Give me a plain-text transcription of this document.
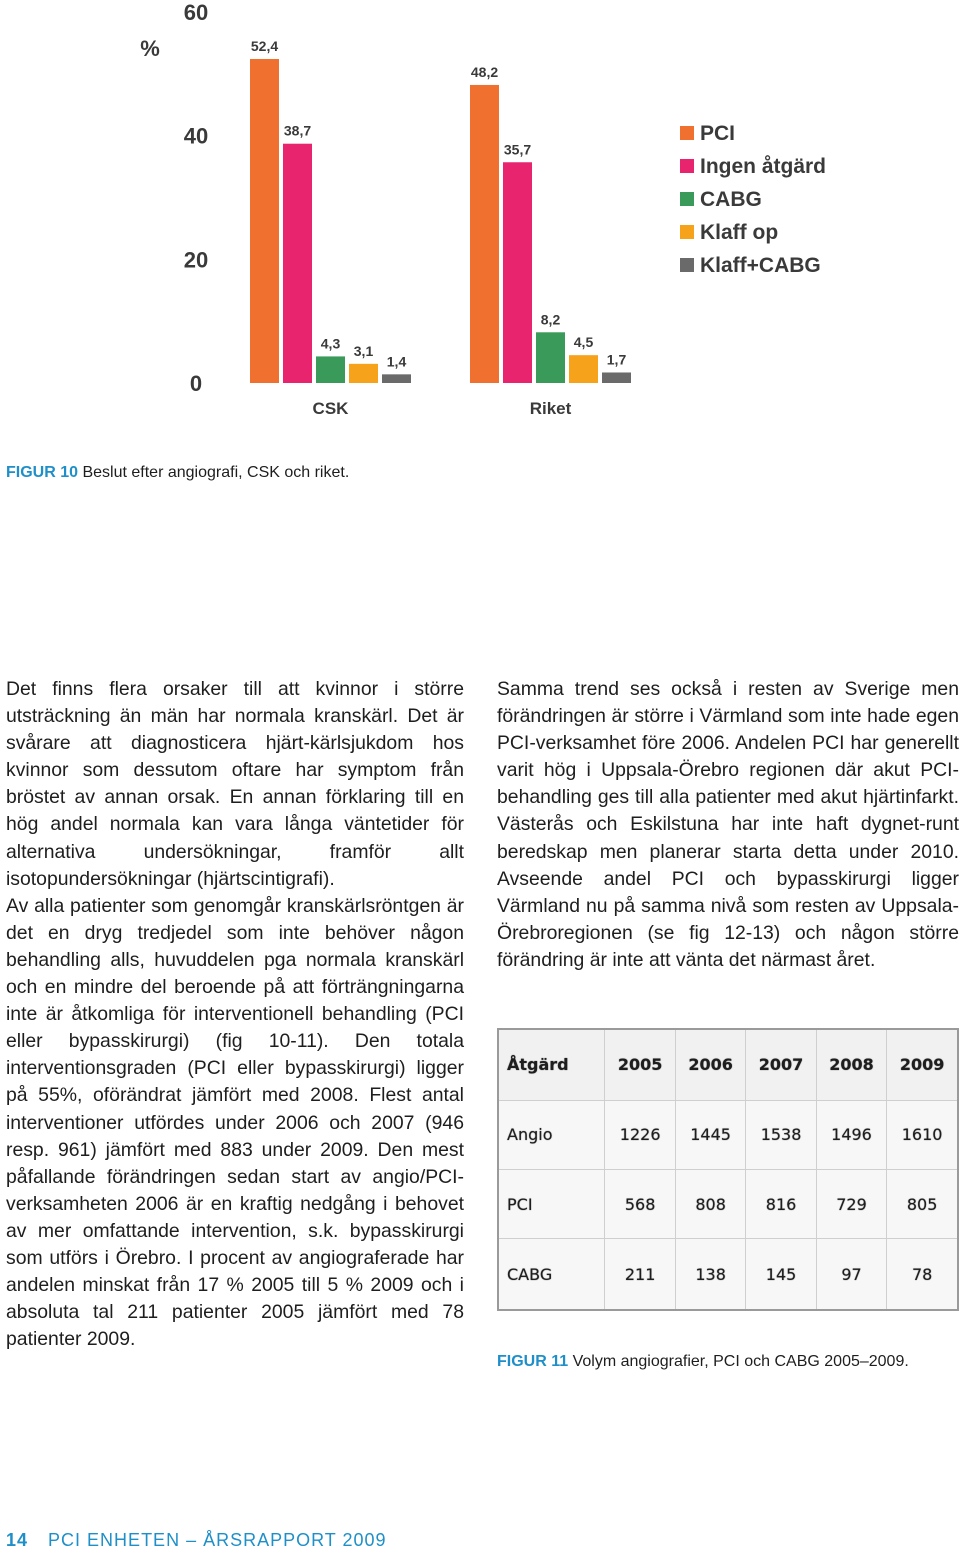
%
0
20
40
60
52,4
38,7
4,3 3,1
1,4
CSK
48,2
35,7
8,2
4,5
1,7
Riket
PCI
Ingen åtgärd
CABG
Klaff op
Klaff+CABG
FIGUR 10 Beslut efter angiografi, CSK och riket.

Det finns flera orsaker till att kvinnor i större utsträckning än män har normala kranskärl. Det är svårare att diagnosticera hjärt-kärlsjukdom hos kvinnor som dessutom oftare har symptom från bröstet av annan orsak. En annan förklaring till en hög andel normala kan vara långa väntetider för alternativa undersökningar, framför allt isotopundersökningar (hjärtscintigrafi).

Av alla patienter som genomgår kranskärlsröntgen är det en dryg tredjedel som inte behöver någon behandling alls, huvuddelen pga normala kranskärl och en mindre del beroende på att förträngningarna inte är åtkomliga för interventionell behandling (PCI eller bypasskirurgi) (fig 10-11). Den totala interventionsgraden (PCI eller bypasskirurgi) ligger på 55%, oförändrat jämfört med 2008. Flest antal interventioner utfördes under 2006 och 2007 (946 resp. 961) jämfört med 883 under 2009. Den mest påfallande förändringen sedan start av angio/PCI-verksamheten 2006 är en kraftig nedgång i behovet av mer omfattande intervention, s.k. bypasskirurgi som utförs i Örebro. I procent av angiograferade har andelen minskat från 17 % 2005 till 5 % 2009 och i absoluta tal 211 patienter 2005 jämfört med 78 patienter 2009.

Samma trend ses också i resten av Sverige men förändringen är större i Värmland som inte hade egen PCI-verksamhet före 2006. Andelen PCI har generellt varit hög i Uppsala-Örebro regionen där akut PCI-behandling ges till alla patienter med akut hjärtinfarkt. Västerås och Eskilstuna har inte haft dygnet-runt beredskap men planerar starta detta under 2010. Avseende andel PCI och bypasskirurgi ligger Värmland nu på samma nivå som resten av Uppsala-Örebroregionen (se fig 12-13) och någon större förändring är inte att vänta det närmast året.

Åtgärd	2005	2006	2007	2008	2009
Angio	1226	1445	1538	1496	1610
PCI	568	808	816	729	805
CABG	211	138	145	97	78
FIGUR 11 Volym angiografier, PCI och CABG 2005–2009.
14 PCI ENHETEN – ÅRSRAPPORT 2009
